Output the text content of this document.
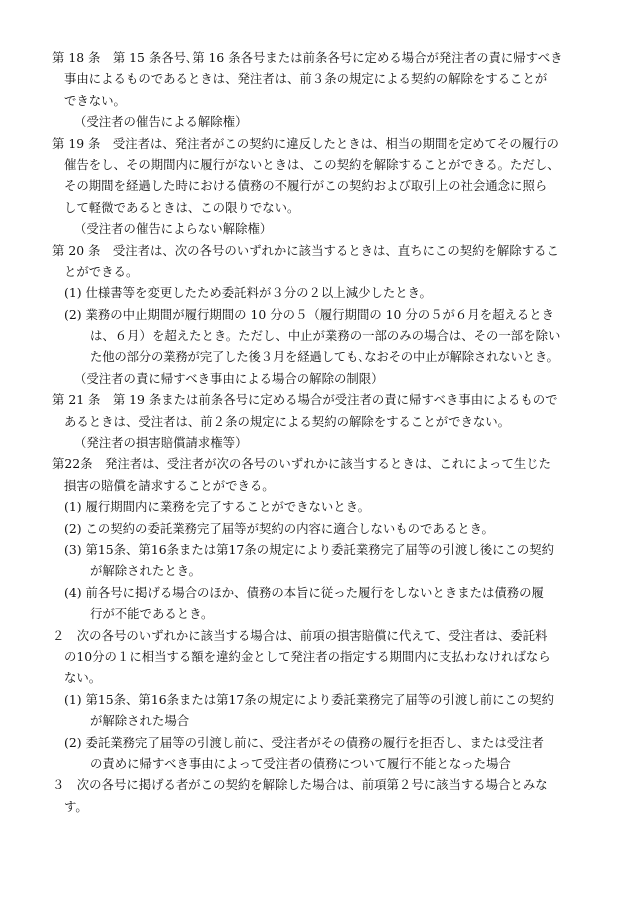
第 18 条　第 15 条各号､第 16 条各号または前条各号に定める場合が発注者の責に帰すべき
事由によるものであるときは、発注者は、前３条の規定による契約の解除をすることが
できない。
（受注者の催告による解除権）
第 19 条　受注者は、発注者がこの契約に違反したときは、相当の期間を定めてその履行の
催告をし、その期間内に履行がないときは、この契約を解除することができる。ただし、
その期間を経過した時における債務の不履行がこの契約および取引上の社会通念に照ら
して軽微であるときは、この限りでない。
（受注者の催告によらない解除権）
第 20 条　受注者は、次の各号のいずれかに該当するときは、直ちにこの契約を解除するこ
とができる。
(1) 仕様書等を変更したため委託料が３分の２以上減少したとき。
(2) 業務の中止期間が履行期間の 10 分の５（履行期間の 10 分の５が６月を超えるとき
は、６月）を超えたとき。ただし、中止が業務の一部のみの場合は、その一部を除い
た他の部分の業務が完了した後３月を経過しても､なおその中止が解除されないとき。
（受注者の責に帰すべき事由による場合の解除の制限）
第 21 条　第 19 条または前条各号に定める場合が受注者の責に帰すべき事由によるもので
あるときは、受注者は、前２条の規定による契約の解除をすることができない。
（発注者の損害賠償請求権等）
第22条　発注者は、受注者が次の各号のいずれかに該当するときは、これによって生じた
損害の賠償を請求することができる。
(1) 履行期間内に業務を完了することができないとき。
(2) この契約の委託業務完了届等が契約の内容に適合しないものであるとき。
(3) 第15条、第16条または第17条の規定により委託業務完了届等の引渡し後にこの契約
が解除されたとき。
(4) 前各号に掲げる場合のほか、債務の本旨に従った履行をしないときまたは債務の履
行が不能であるとき。
２　次の各号のいずれかに該当する場合は、前項の損害賠償に代えて、受注者は、委託料
の10分の１に相当する額を違約金として発注者の指定する期間内に支払わなければなら
ない。
(1) 第15条、第16条または第17条の規定により委託業務完了届等の引渡し前にこの契約
が解除された場合
(2) 委託業務完了届等の引渡し前に、受注者がその債務の履行を拒否し、または受注者
の責めに帰すべき事由によって受注者の債務について履行不能となった場合
３　次の各号に掲げる者がこの契約を解除した場合は、前項第２号に該当する場合とみな
す。
